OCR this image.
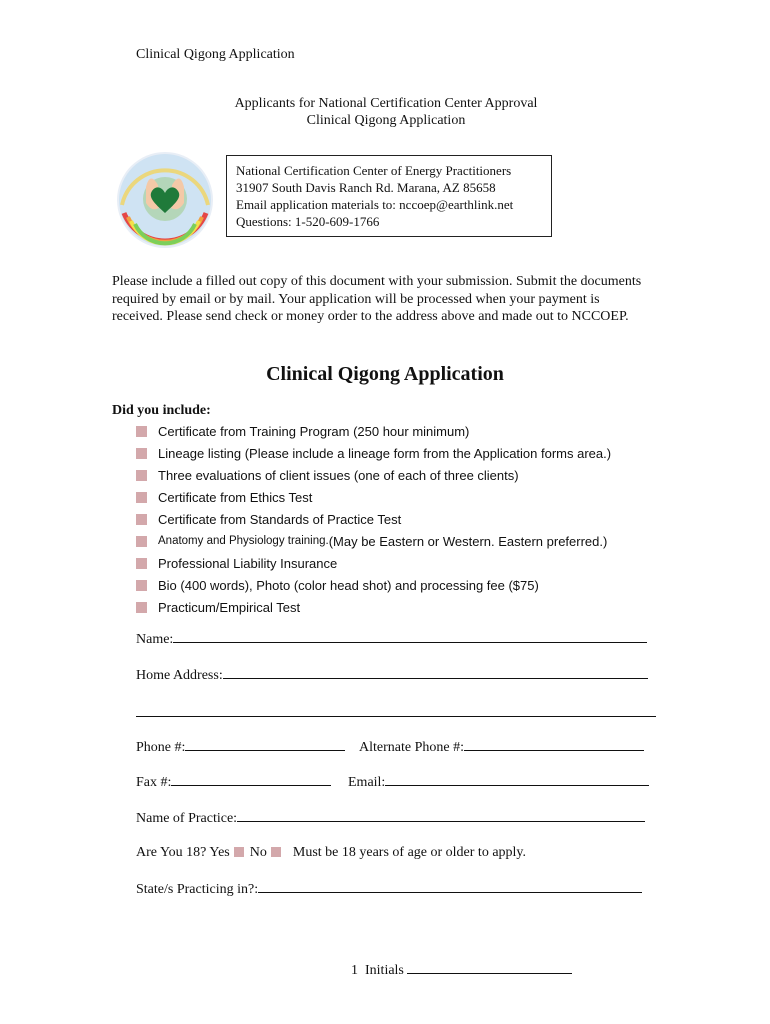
Clinical Qigong Application
Applicants for National Certification Center Approval
Clinical Qigong Application
National Certification Center of Energy Practitioners
31907 South Davis Ranch Rd. Marana, AZ 85658
Email application materials to: nccoep@earthlink.net
Questions: 1-520-609-1766
Please include a filled out copy of this document with your submission. Submit the documents required by email or by mail. Your application will be processed when your payment is received. Please send check or money order to the address above and made out to NCCOEP.
Clinical Qigong Application
Did you include:
Certificate from Training Program (250 hour minimum)
Lineage listing (Please include a lineage form from the Application forms area.)
Three evaluations of client issues (one of each of three clients)
Certificate from Ethics Test
Certificate from Standards of Practice Test
Anatomy and Physiology training. (May be Eastern or Western. Eastern preferred.)
Professional Liability Insurance
Bio (400 words), Photo (color head shot) and processing fee ($75)
Practicum/Empirical Test
Name:
Home Address:
Phone #:	Alternate Phone #:
Fax #:	Email:
Name of Practice:
Are You 18? Yes No Must be 18 years of age or older to apply.
State/s Practicing in?:
1 Initials
